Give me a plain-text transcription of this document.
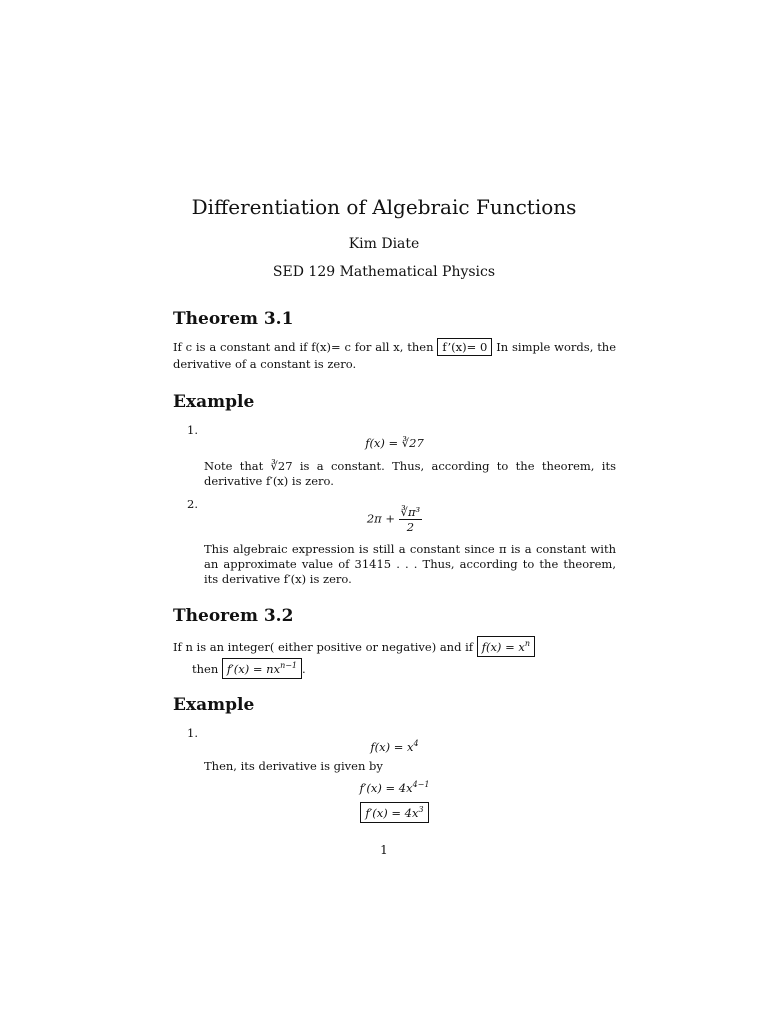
Differentiation of Algebraic Functions
Kim Diate
SED 129 Mathematical Physics
Theorem 3.1
If c is a constant and if f(x)= c for all x, then f’(x)= 0 In simple words, the derivative of a constant is zero.
Example
1.
f(x) = ∛27
Note that ∛27 is a constant. Thus, according to the theorem, its derivative f′(x) is zero.
2.
$2\pi + \frac{\text{∛π³}}{2}$
This algebraic expression is still a constant since π is a constant with an approximate value of 31415 . . . Thus, according to the theorem, its derivative f′(x) is zero.
Theorem 3.2
If n is an integer( either positive or negative) and if $f(x) = x^n$
then $f'(x) = nx^{n-1}$ .
Example
1.
$f(x) = x^4$
Then, its derivative is given by
$f'(x) = 4x^{4-1}$
$f'(x) = 4x^3$
1
